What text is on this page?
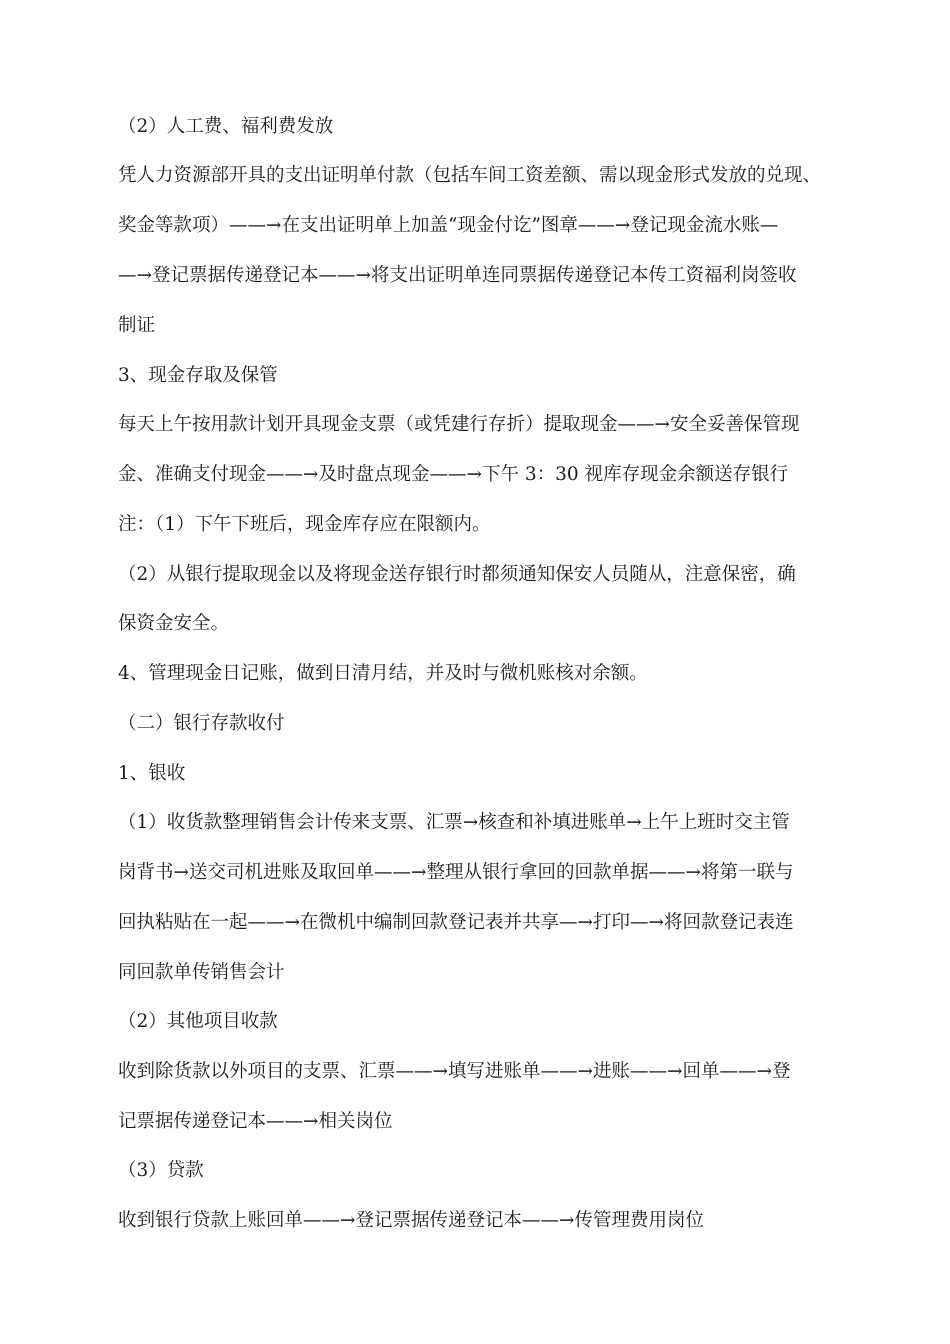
（2）人工费、福利费发放
凭人力资源部开具的支出证明单付款（包括车间工资差额、需以现金形式发放的兑现、
奖金等款项）——→在支出证明单上加盖“现金付讫”图章——→登记现金流水账—
—→登记票据传递登记本——→将支出证明单连同票据传递登记本传工资福利岗签收
制证
3、现金存取及保管
每天上午按用款计划开具现金支票（或凭建行存折）提取现金——→安全妥善保管现
金、准确支付现金——→及时盘点现金——→下午 3：30 视库存现金余额送存银行
注：（1）下午下班后，现金库存应在限额内。
（2）从银行提取现金以及将现金送存银行时都须通知保安人员随从，注意保密，确
保资金安全。
4、管理现金日记账，做到日清月结，并及时与微机账核对余额。
（二）银行存款收付
1、银收
（1）收货款整理销售会计传来支票、汇票→核查和补填进账单→上午上班时交主管
岗背书→送交司机进账及取回单——→整理从银行拿回的回款单据——→将第一联与
回执粘贴在一起——→在微机中编制回款登记表并共享—→打印—→将回款登记表连
同回款单传销售会计
（2）其他项目收款
收到除货款以外项目的支票、汇票——→填写进账单——→进账——→回单——→登
记票据传递登记本——→相关岗位
（3）贷款
收到银行贷款上账回单——→登记票据传递登记本——→传管理费用岗位
